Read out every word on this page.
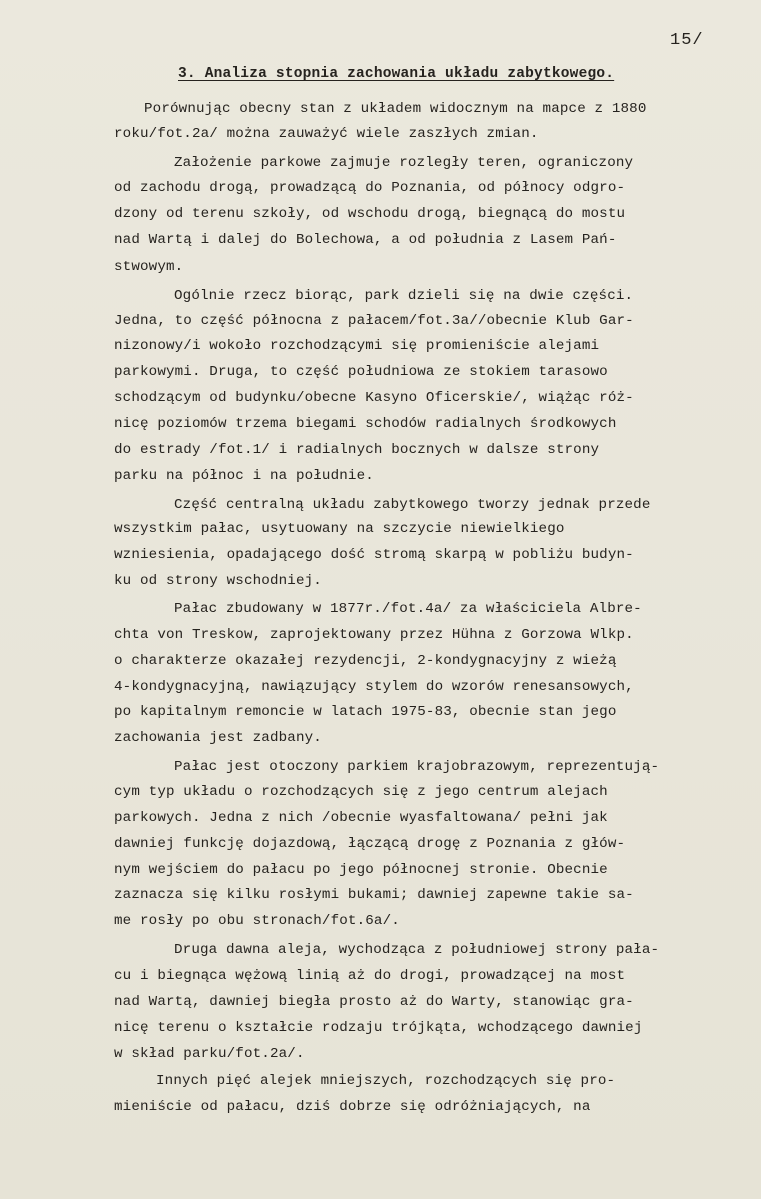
15/
3. Analiza stopnia zachowania układu zabytkowego.
Porównując obecny stan z układem widocznym na mapce z 1880
roku/fot.2a/ można zauważyć wiele zaszłych zmian.
Założenie parkowe zajmuje rozległy teren, ograniczony
od zachodu drogą, prowadzącą do Poznania, od północy odgro-
dzony od terenu szkoły, od wschodu drogą, biegnącą do mostu
nad Wartą i dalej do Bolechowa, a od południa z Lasem Pań-
stwowym.
Ogólnie rzecz biorąc, park dzieli się na dwie części.
Jedna, to część północna z pałacem/fot.3a//obecnie Klub Gar-
nizonowy/i wokoło rozchodzącymi się promieniście alejami
parkowymi. Druga, to część południowa ze stokiem tarasowo
schodzącym od budynku/obecne Kasyno Oficerskie/, wiążąc róż-
nicę poziomów trzema biegami schodów radialnych środkowych
do estrady /fot.1/ i radialnych bocznych w dalsze strony
parku na północ i na południe.
Część centralną układu zabytkowego tworzy jednak przede
wszystkim pałac, usytuowany na szczycie niewielkiego
wzniesienia, opadającego dość stromą skarpą w pobliżu budyn-
ku od strony wschodniej.
Pałac zbudowany w 1877r./fot.4a/ za właściciela Albre-
chta von Treskow, zaprojektowany przez Hühna z Gorzowa Wlkp.
o charakterze okazałej rezydencji, 2-kondygnacyjny z wieżą
4-kondygnacyjną, nawiązujący stylem do wzorów renesansowych,
po kapitalnym remoncie w latach 1975-83, obecnie stan jego
zachowania jest zadbany.
Pałac jest otoczony parkiem krajobrazowym, reprezentują-
cym typ układu o rozchodzących się z jego centrum alejach
parkowych. Jedna z nich /obecnie wyasfaltowana/ pełni jak
dawniej funkcję dojazdową, łączącą drogę z Poznania z głów-
nym wejściem do pałacu po jego północnej stronie. Obecnie
zaznacza się kilku rosłymi bukami; dawniej zapewne takie sa-
me rosły po obu stronach/fot.6a/.
Druga dawna aleja, wychodząca z południowej strony pała-
cu i biegnąca wężową linią aż do drogi, prowadzącej na most
nad Wartą, dawniej biegła prosto aż do Warty, stanowiąc gra-
nicę terenu o kształcie rodzaju trójkąta, wchodzącego dawniej
w skład parku/fot.2a/.
Innych pięć alejek mniejszych, rozchodzących się pro-
mieniście od pałacu, dziś dobrze się odróżniających, na
